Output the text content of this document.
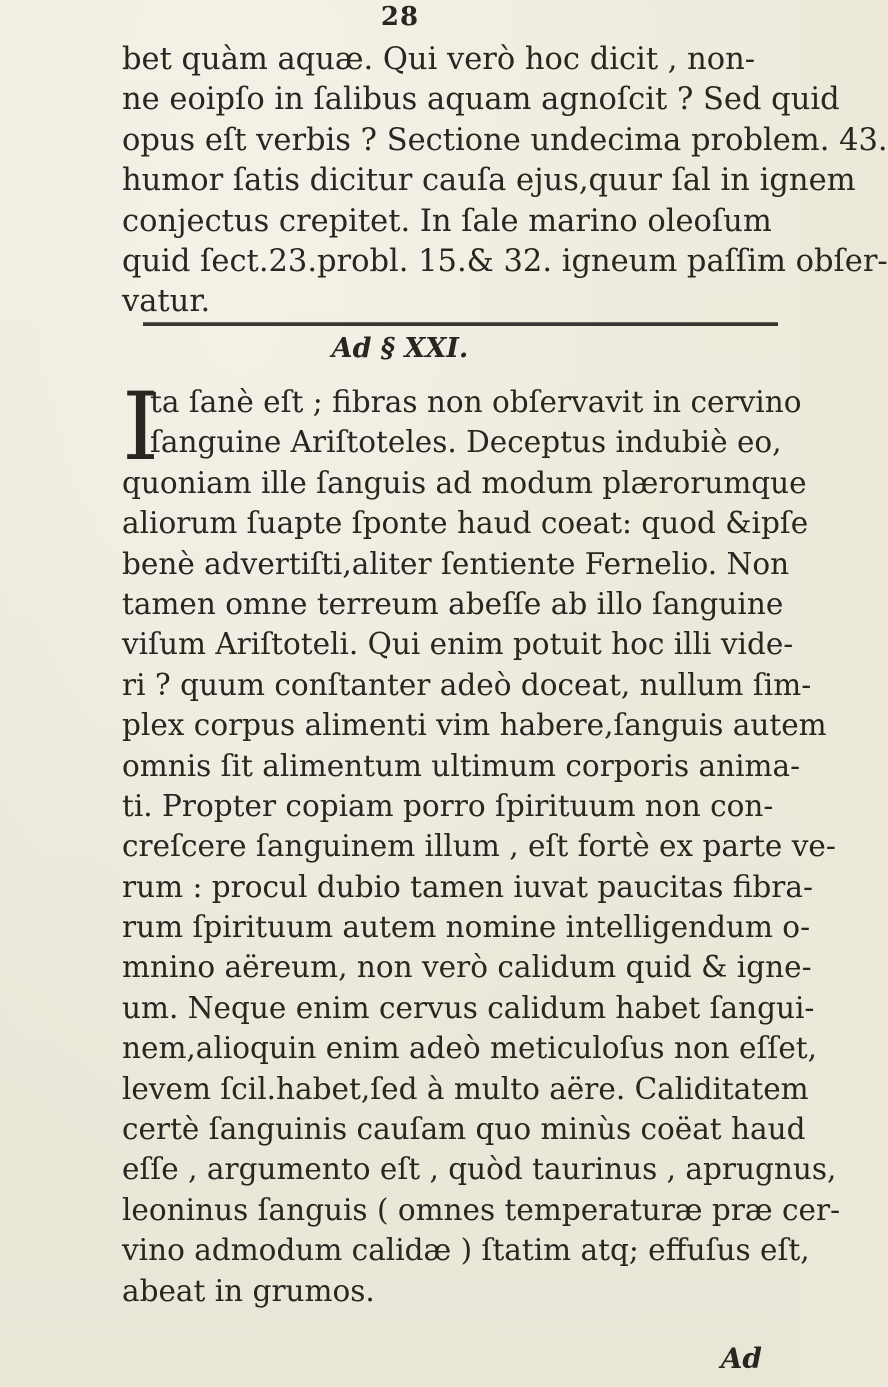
28
bet quàm aquæ. Qui verò hoc dicit , non-
ne eoipſo in ſalibus aquam agnoſcit ? Sed quid
opus eſt verbis ? Sectione undecima problem. 43.
humor ſatis dicitur cauſa ejus,quur ſal in ignem
conjectus crepitet. In ſale marino oleoſum
quid ſect.23.probl. 15.& 32. igneum paſſim obſer-
vatur.
Ad § XXI.
I
ta ſanè eſt ; fibras non obſervavit in cervino
ſanguine Ariſtoteles. Deceptus indubiè eo,
quoniam ille ſanguis ad modum plærorumque
aliorum ſuapte ſponte haud coeat: quod &ipſe
benè advertiſti,aliter ſentiente Fernelio. Non
tamen omne terreum abeſſe ab illo ſanguine
viſum Ariſtoteli. Qui enim potuit hoc illi vide-
ri ? quum conſtanter adeò doceat, nullum ſim-
plex corpus alimenti vim habere,ſanguis autem
omnis ſit alimentum ultimum corporis anima-
ti. Propter copiam porro ſpirituum non con-
creſcere ſanguinem illum , eſt fortè ex parte ve-
rum : procul dubio tamen iuvat paucitas fibra-
rum ſpirituum autem nomine intelligendum o-
mnino aëreum, non verò calidum quid & igne-
um. Neque enim cervus calidum habet ſangui-
nem,alioquin enim adeò meticuloſus non eſſet,
levem ſcil.habet,ſed à multo aëre. Caliditatem
certè ſanguinis cauſam quo minùs coëat haud
eſſe , argumento eſt , quòd taurinus , aprugnus,
leoninus ſanguis ( omnes temperaturæ præ cer-
vino admodum calidæ ) ſtatim atq; effuſus eſt,
abeat in grumos.
Ad
